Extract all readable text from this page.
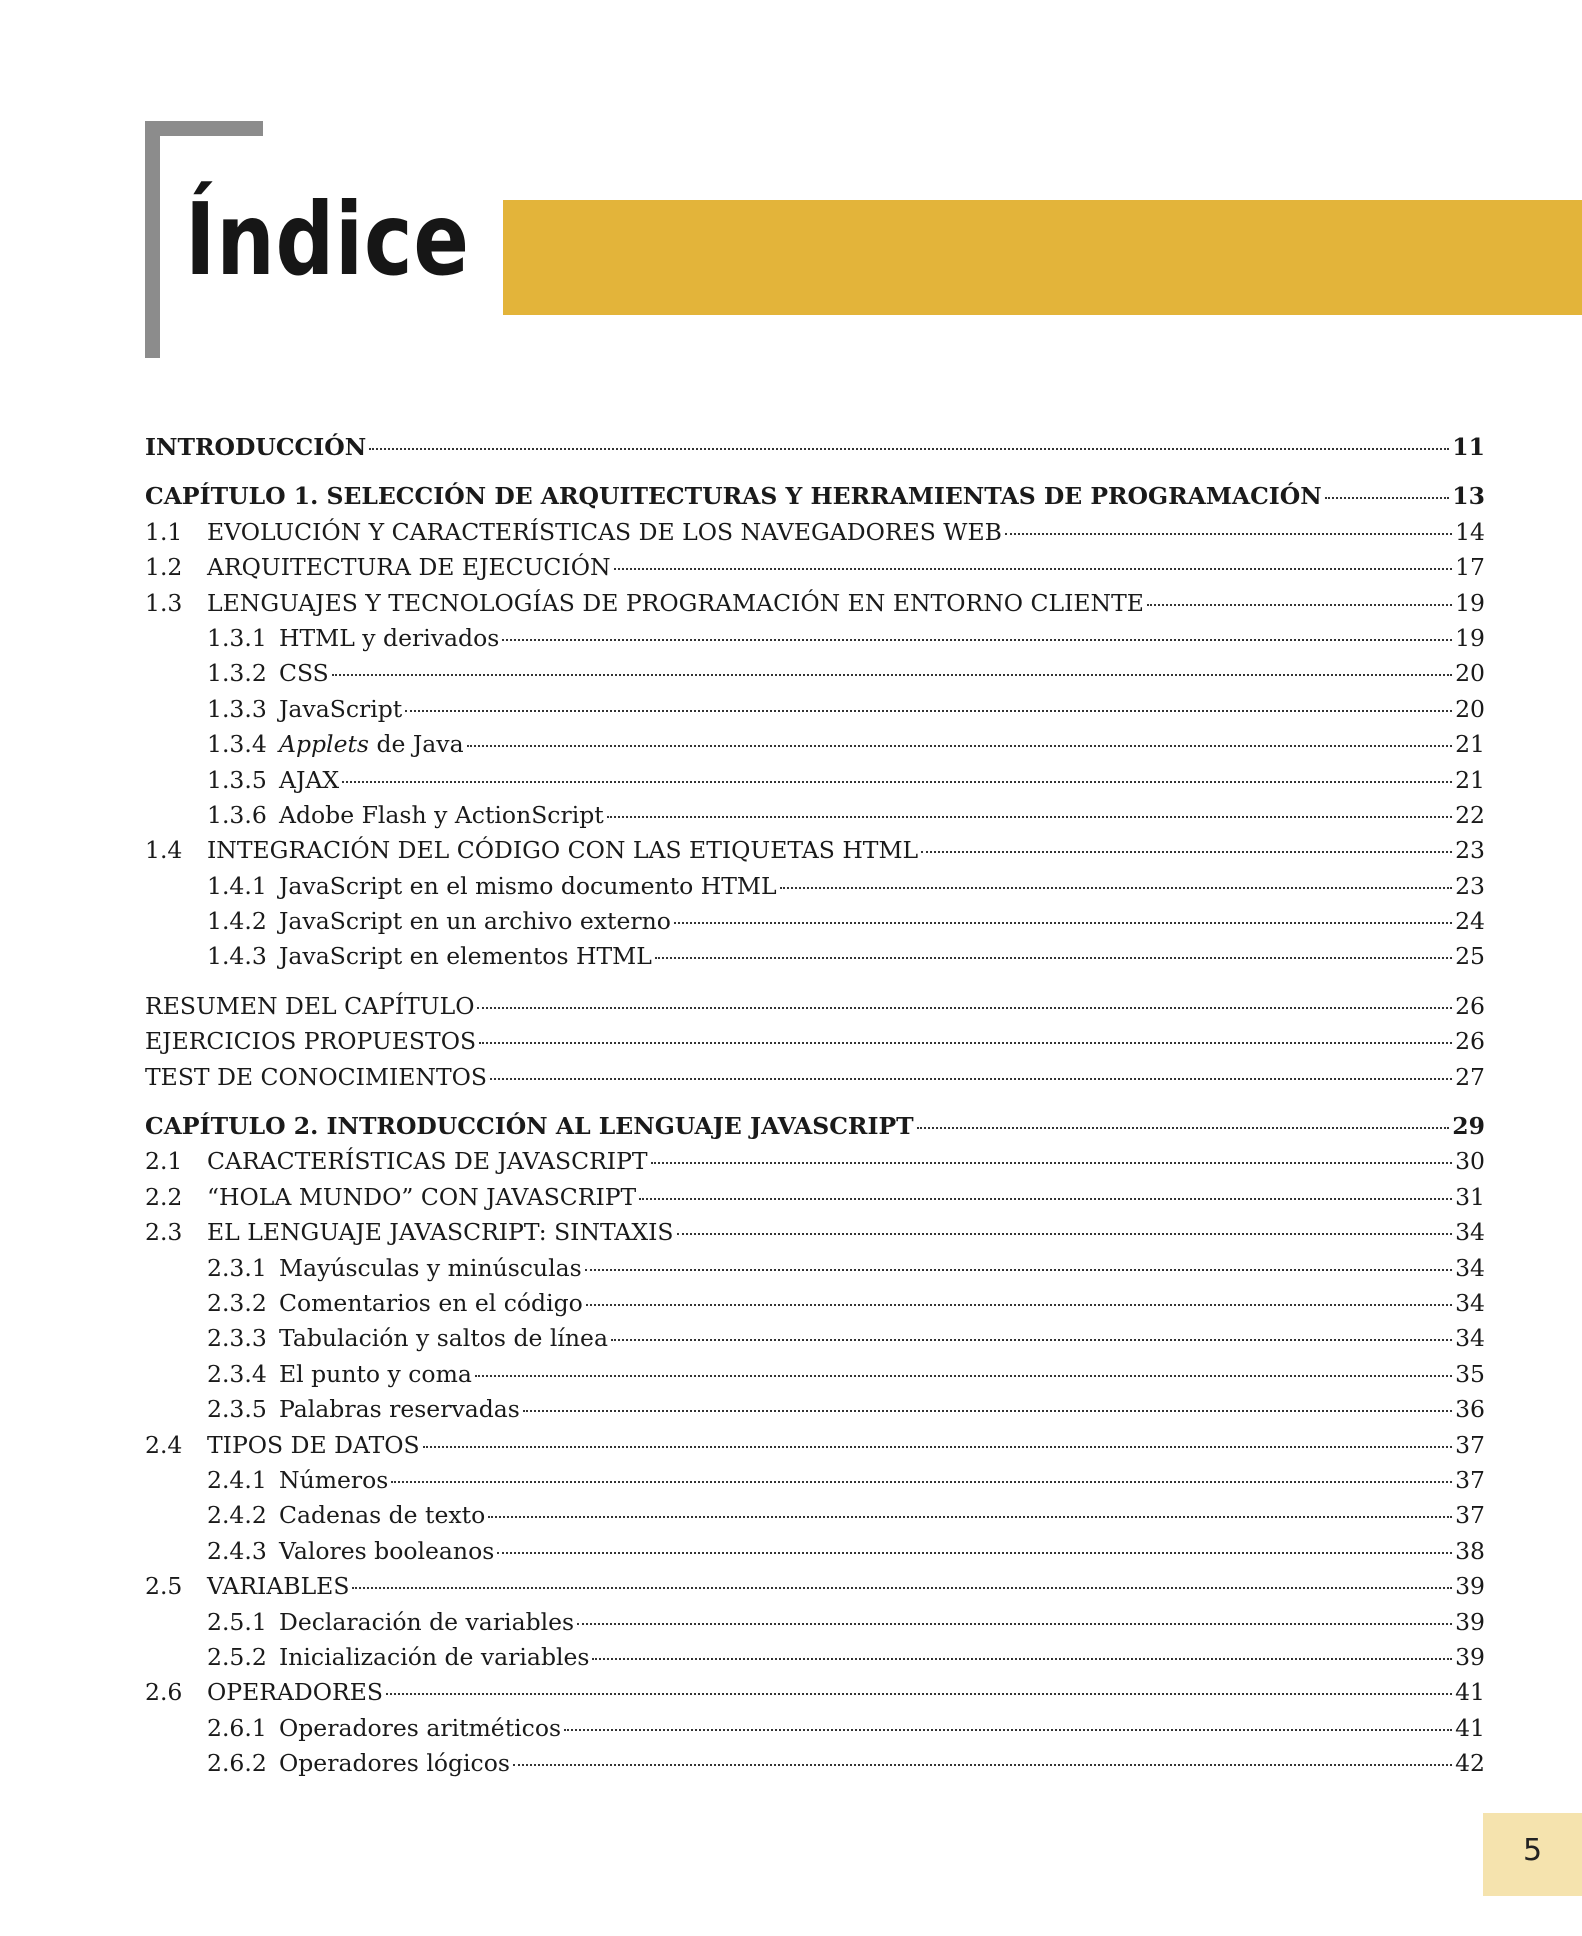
Índice
INTRODUCCIÓN	11
CAPÍTULO 1. SELECCIÓN DE ARQUITECTURAS Y HERRAMIENTAS DE PROGRAMACIÓN	13
1.1	EVOLUCIÓN Y CARACTERÍSTICAS DE LOS NAVEGADORES WEB	14
1.2	ARQUITECTURA DE EJECUCIÓN	17
1.3	LENGUAJES Y TECNOLOGÍAS DE PROGRAMACIÓN EN ENTORNO CLIENTE	19
1.3.1 HTML y derivados	19
1.3.2 CSS	20
1.3.3 JavaScript	20
1.3.4 Applets de Java	21
1.3.5 AJAX	21
1.3.6 Adobe Flash y ActionScript	22
1.4	INTEGRACIÓN DEL CÓDIGO CON LAS ETIQUETAS HTML	23
1.4.1 JavaScript en el mismo documento HTML	23
1.4.2 JavaScript en un archivo externo	24
1.4.3 JavaScript en elementos HTML	25
RESUMEN DEL CAPÍTULO	26
EJERCICIOS PROPUESTOS	26
TEST DE CONOCIMIENTOS	27
CAPÍTULO 2. INTRODUCCIÓN AL LENGUAJE JAVASCRIPT	29
2.1	CARACTERÍSTICAS DE JAVASCRIPT	30
2.2	“HOLA MUNDO” CON JAVASCRIPT	31
2.3	EL LENGUAJE JAVASCRIPT: SINTAXIS	34
2.3.1 Mayúsculas y minúsculas	34
2.3.2 Comentarios en el código	34
2.3.3 Tabulación y saltos de línea	34
2.3.4 El punto y coma	35
2.3.5 Palabras reservadas	36
2.4	TIPOS DE DATOS	37
2.4.1 Números	37
2.4.2 Cadenas de texto	37
2.4.3 Valores booleanos	38
2.5	VARIABLES	39
2.5.1 Declaración de variables	39
2.5.2 Inicialización de variables	39
2.6	OPERADORES	41
2.6.1 Operadores aritméticos	41
2.6.2 Operadores lógicos	42
5
